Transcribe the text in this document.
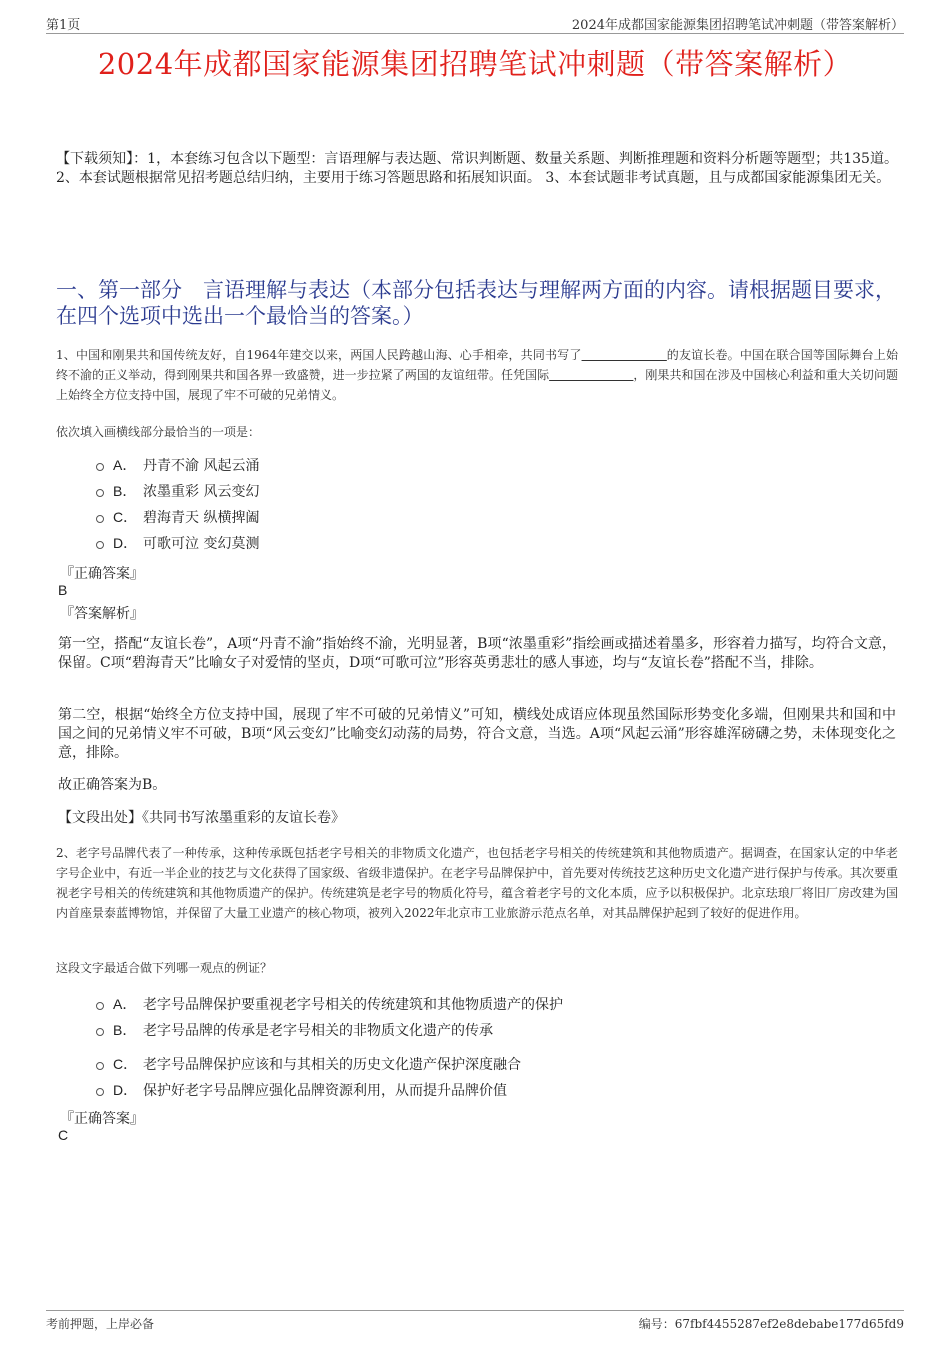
第1页	2024年成都国家能源集团招聘笔试冲刺题（带答案解析）
2024年成都国家能源集团招聘笔试冲刺题（带答案解析）
【下载须知】：1，本套练习包含以下题型：言语理解与表达题、常识判断题、数量关系题、判断推理题和资料分析题等题型；共135道。 2、本套试题根据常见招考题总结归纳，主要用于练习答题思路和拓展知识面。 3、本套试题非考试真题，且与成都国家能源集团无关。
一、第一部分　言语理解与表达（本部分包括表达与理解两方面的内容。请根据题目要求，在四个选项中选出一个最恰当的答案。）
1、中国和刚果共和国传统友好，自1964年建交以来，两国人民跨越山海、心手相牵，共同书写了＿＿＿＿＿＿＿的友谊长卷。中国在联合国等国际舞台上始终不渝的正义举动，得到刚果共和国各界一致盛赞，进一步拉紧了两国的友谊纽带。任凭国际＿＿＿＿＿＿＿，刚果共和国在涉及中国核心利益和重大关切问题上始终全方位支持中国，展现了牢不可破的兄弟情义。
依次填入画横线部分最恰当的一项是：
A． 丹青不渝 风起云涌
B． 浓墨重彩 风云变幻
C． 碧海青天 纵横捭阖
D． 可歌可泣 变幻莫测
『正确答案』
B
『答案解析』
第一空，搭配“友谊长卷”，A项“丹青不渝”指始终不渝，光明显著，B项“浓墨重彩”指绘画或描述着墨多，形容着力描写，均符合文意，保留。C项“碧海青天”比喻女子对爱情的坚贞，D项“可歌可泣”形容英勇悲壮的感人事迹，均与“友谊长卷”搭配不当，排除。
第二空，根据“始终全方位支持中国，展现了牢不可破的兄弟情义”可知，横线处成语应体现虽然国际形势变化多端，但刚果共和国和中国之间的兄弟情义牢不可破，B项“风云变幻”比喻变幻动荡的局势，符合文意，当选。A项“风起云涌”形容雄浑磅礴之势，未体现变化之意，排除。
故正确答案为B。
【文段出处】《共同书写浓墨重彩的友谊长卷》
2、老字号品牌代表了一种传承，这种传承既包括老字号相关的非物质文化遗产，也包括老字号相关的传统建筑和其他物质遗产。据调查，在国家认定的中华老字号企业中，有近一半企业的技艺与文化获得了国家级、省级非遗保护。在老字号品牌保护中，首先要对传统技艺这种历史文化遗产进行保护与传承。其次要重视老字号相关的传统建筑和其他物质遗产的保护。传统建筑是老字号的物质化符号，蕴含着老字号的文化本质，应予以积极保护。北京珐琅厂将旧厂房改建为国内首座景泰蓝博物馆，并保留了大量工业遗产的核心物项，被列入2022年北京市工业旅游示范点名单，对其品牌保护起到了较好的促进作用。
这段文字最适合做下列哪一观点的例证？
A． 老字号品牌保护要重视老字号相关的传统建筑和其他物质遗产的保护
B． 老字号品牌的传承是老字号相关的非物质文化遗产的传承
C． 老字号品牌保护应该和与其相关的历史文化遗产保护深度融合
D． 保护好老字号品牌应强化品牌资源利用，从而提升品牌价值
『正确答案』
C
考前押题，上岸必备	编号：67fbf4455287ef2e8debabe177d65fd9
